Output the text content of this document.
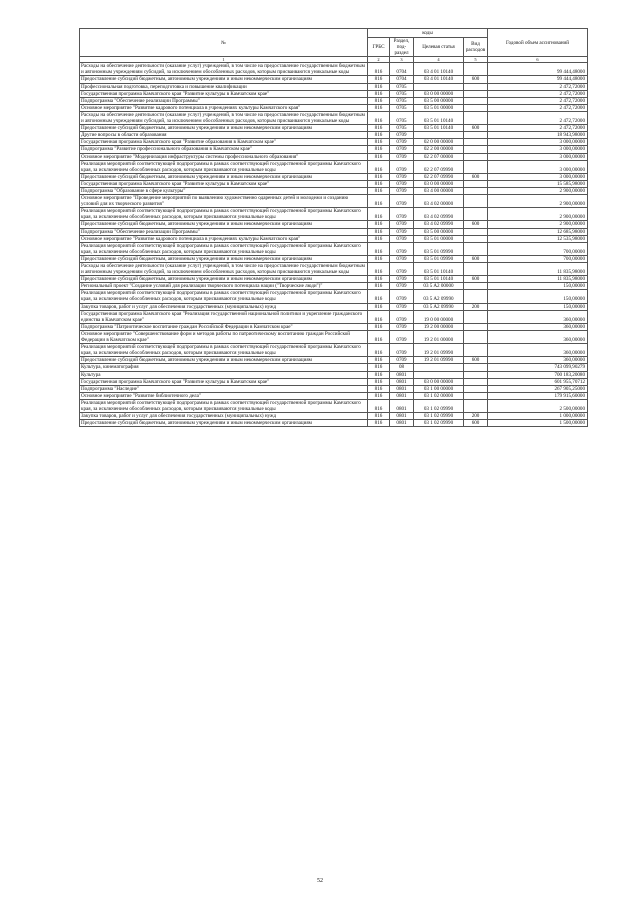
№	коды				Годовой объем ассигнований
	ГРБС	Раздел, под-раздел	Целевая статья	Вид расходов	
1	2	3	4	5	6
Расходы на обеспечение деятельности (оказание услуг) учреждений, в том числе на предоставление государственным бюджетным и автономным учреждениям субсидий, за исключением обособленных расходов, которым присваиваются уникальные коды	816	0704	03 4 01 10140		99 444,48000
Предоставление субсидий бюджетным, автономным учреждениям и иным некоммерческим организациям	816	0704	03 4 01 10140	600	99 444,48000
Профессиональная подготовка, переподготовка и повышение квалификации	816	0705			2 472,72000
Государственная программа Камчатского края "Развитие культуры в Камчатском крае"	816	0705	03 0 00 00000		2 472,72000
Подпрограмма "Обеспечение реализации Программы"	816	0705	03 5 00 00000		2 472,72000
Основное мероприятие "Развитие кадрового потенциала в учреждениях культуры Камчатского края"	816	0705	03 5 01 00000		2 472,72000
Расходы на обеспечение деятельности (оказание услуг) учреждений, в том числе на предоставление государственным бюджетным и автономным учреждениям субсидий, за исключением обособленных расходов, которым присваиваются уникальные коды	816	0705	03 5 01 10140		2 472,72000
Предоставление субсидий бюджетным, автономным учреждениям и иным некоммерческим организациям	816	0705	03 5 01 10140	600	2 472,72000
Другие вопросы в области образования	816	0709			18 943,98000
Государственная программа Камчатского края "Развитие образования в Камчатском крае"	816	0709	02 0 00 00000		3 000,00000
Подпрограмма "Развитие профессионального образования в Камчатском крае"	816	0709	02 2 00 00000		3 000,00000
Основное мероприятие "Модернизация инфраструктуры системы профессионального образования"	816	0709	02 2 07 00000		3 000,00000
Реализация мероприятий соответствующей подпрограммы в рамках соответствующей государственной программы Камчатского края, за исключением обособленных расходов, которым присваиваются уникальные коды	816	0709	02 2 07 09990		3 000,00000
Предоставление субсидий бюджетным, автономным учреждениям и иным некоммерческим организациям	816	0709	02 2 07 09990	600	3 000,00000
Государственная программа Камчатского края "Развитие культуры в Камчатском крае"	816	0709	03 0 00 00000		15 585,98000
Подпрограмма "Образование в сфере культуры"	816	0709	03 4 00 00000		2 900,00000
Основное мероприятие "Проведение мероприятий по выявлению художественно одаренных детей и молодежи и созданию условий для их творческого развития"	816	0709	03 4 02 00000		2 900,00000
Реализация мероприятий соответствующей подпрограммы в рамках соответствующей государственной программы Камчатского края, за исключением обособленных расходов, которым присваиваются уникальные коды	816	0709	03 4 02 09990		2 900,00000
Предоставление субсидий бюджетным, автономным учреждениям и иным некоммерческим организациям	816	0709	03 4 02 09990	600	2 900,00000
Подпрограмма "Обеспечение реализации Программы"	816	0709	03 5 00 00000		12 685,98000
Основное мероприятие "Развитие кадрового потенциала в учреждениях культуры Камчатского края"	816	0709	03 5 01 00000		12 535,98000
Реализация мероприятий соответствующей подпрограммы в рамках соответствующей государственной программы Камчатского края, за исключением обособленных расходов, которым присваиваются уникальные коды	816	0709	03 5 01 09990		700,00000
Предоставление субсидий бюджетным, автономным учреждениям и иным некоммерческим организациям	816	0709	03 5 01 09990	600	700,00000
Расходы на обеспечение деятельности (оказание услуг) учреждений, в том числе на предоставление государственным бюджетным и автономным учреждениям субсидий, за исключением обособленных расходов, которым присваиваются уникальные коды	816	0709	03 5 01 10140		11 835,98000
Предоставление субсидий бюджетным, автономным учреждениям и иным некоммерческим организациям	816	0709	03 5 01 10140	600	11 835,98000
Региональный проект "Создание условий для реализации творческого потенциала нации ("Творческие люди")"	816	0709	03 5 A2 00000		150,00000
Реализация мероприятий соответствующей подпрограммы в рамках соответствующей государственной программы Камчатского края, за исключением обособленных расходов, которым присваиваются уникальные коды	816	0709	03 5 A2 09990		150,00000
Закупка товаров, работ и услуг для обеспечения государственных (муниципальных) нужд	816	0709	03 5 A2 09990	200	150,00000
Государственная программа Камчатского края "Реализация государственной национальной политики и укрепление гражданского единства в Камчатском крае"	816	0709	19 0 00 00000		360,00000
Подпрограмма "Патриотическое воспитание граждан Российской Федерации в Камчатском крае"	816	0709	19 2 00 00000		360,00000
Основное мероприятие "Совершенствование форм и методов работы по патриотическому воспитанию граждан Российской Федерации в Камчатском крае"	816	0709	19 2 01 00000		360,00000
Реализация мероприятий соответствующей подпрограммы в рамках соответствующей государственной программы Камчатского края, за исключением обособленных расходов, которым присваиваются уникальные коды	816	0709	19 2 01 09990		360,00000
Предоставление субсидий бюджетным, автономным учреждениям и иным некоммерческим организациям	816	0709	19 2 01 09990	600	360,00000
Культура, кинематография	816	08			743 099,90279
Культура	816	0801			700 183,20080
Государственная программа Камчатского края "Развитие культуры в Камчатском крае"	816	0801	03 0 00 00000		601 955,70712
Подпрограмма "Наследие"	816	0801	03 1 00 00000		267 905,25000
Основное мероприятие "Развитие библиотечного дела"	816	0801	03 1 02 00000		179 915,60000
Реализация мероприятий соответствующей подпрограммы в рамках соответствующей государственной программы Камчатского края, за исключением обособленных расходов, которым присваиваются уникальные коды	816	0801	03 1 02 09990		2 500,00000
Закупка товаров, работ и услуг для обеспечения государственных (муниципальных) нужд	816	0801	03 1 02 09990	200	1 000,00000
Предоставление субсидий бюджетным, автономным учреждениям и иным некоммерческим организациям	816	0801	03 1 02 09990	600	1 500,00000
52
